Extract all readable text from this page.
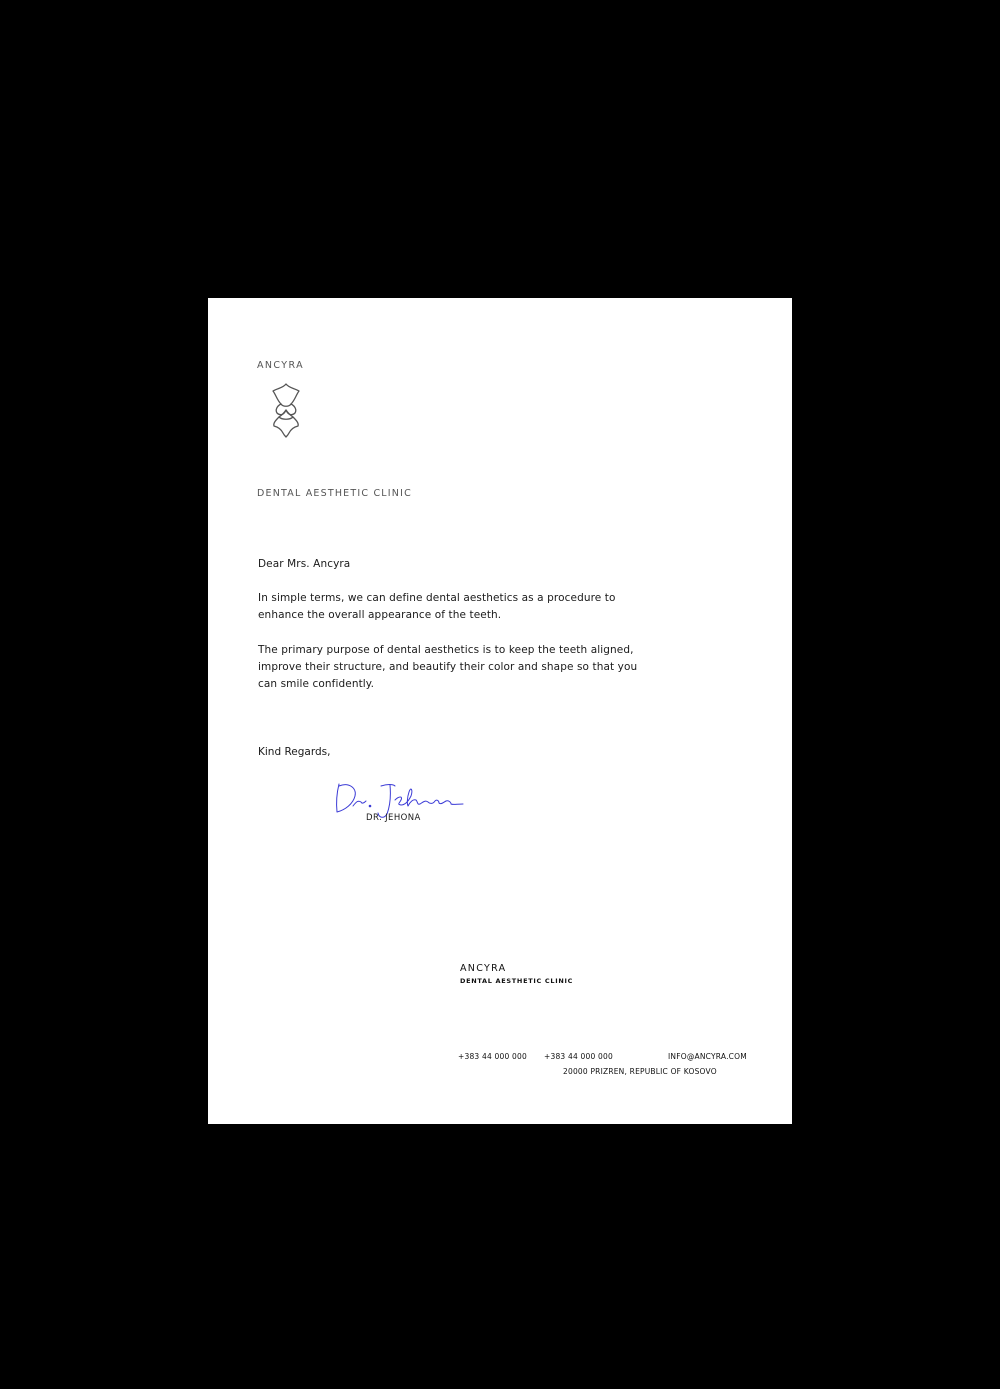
ANCYRA
DENTAL AESTHETIC CLINIC

Dear Mrs. Ancyra

In simple terms, we can define dental aesthetics as a procedure to

enhance the overall appearance of the teeth.

The primary purpose of dental aesthetics is to keep the teeth aligned,

improve their structure, and beautify their color and shape so that you

can smile confidently.

Kind Regards,
DR. JEHONA
ANCYRA
DENTAL AESTHETIC CLINIC
+383 44 000 000 +383 44 000 000	INFO@ANCYRA.COM
20000 PRIZREN, REPUBLIC OF KOSOVO
